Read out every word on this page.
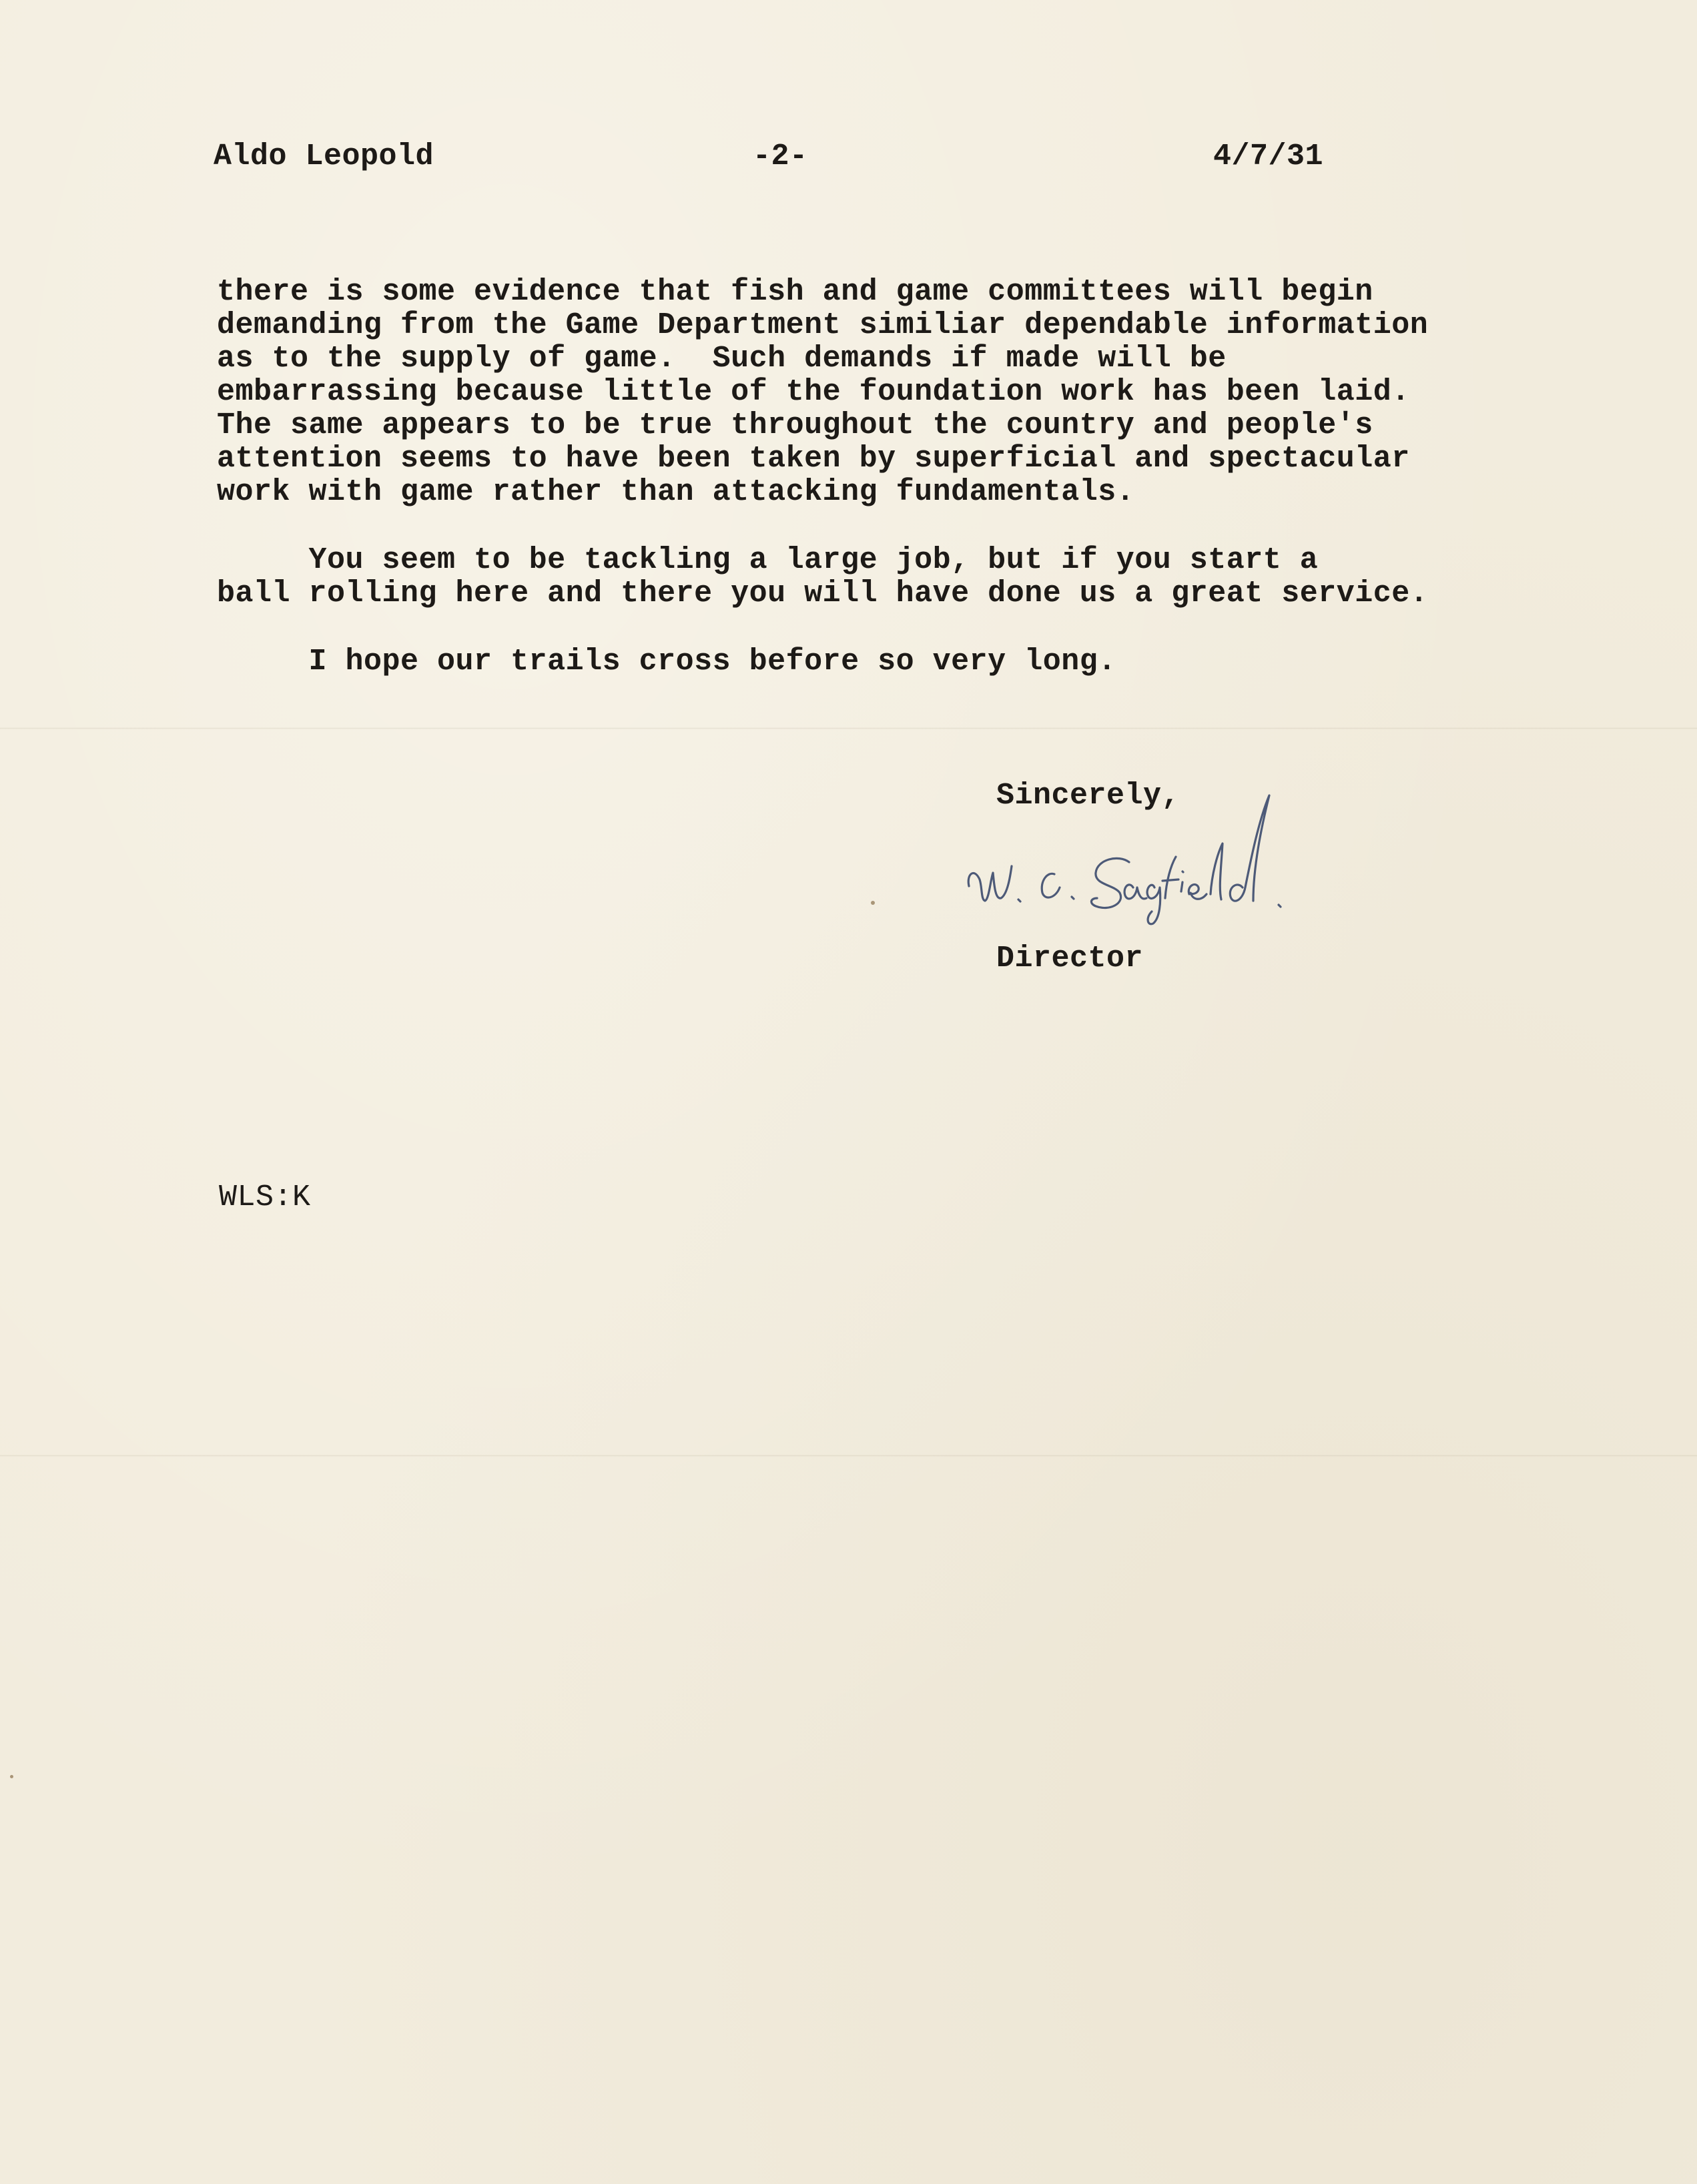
Aldo Leopold	-2-	4/7/31
there is some evidence that fish and game committees will begin
demanding from the Game Department similiar dependable information
as to the supply of game.  Such demands if made will be
embarrassing because little of the foundation work has been laid.
The same appears to be true throughout the country and people's
attention seems to have been taken by superficial and spectacular
work with game rather than attacking fundamentals.
You seem to be tackling a large job, but if you start a
ball rolling here and there you will have done us a great service.
I hope our trails cross before so very long.
Sincerely,
Director
WLS:K
